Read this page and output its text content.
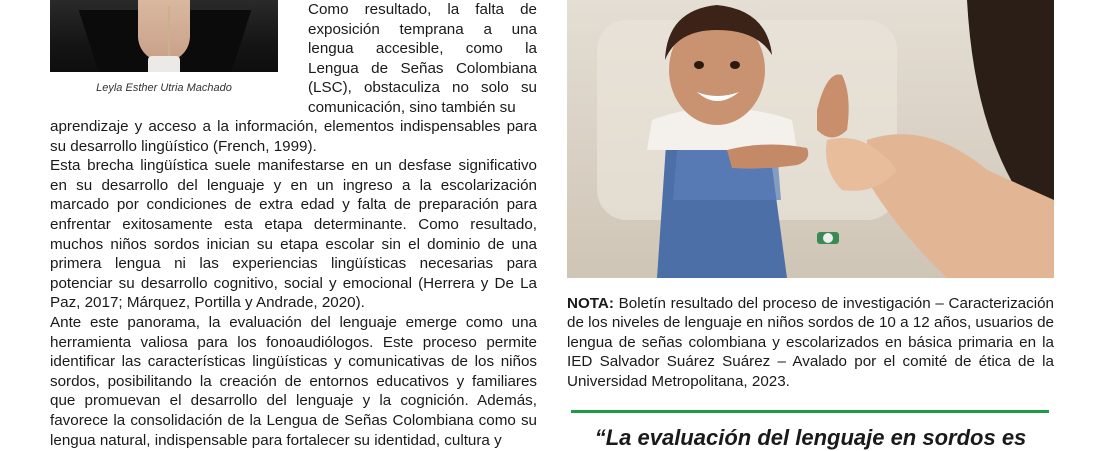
Leyla Esther Utria Machado

Como resultado, la falta de exposición temprana a una lengua accesible, como la Lengua de Señas Colombiana (LSC), obstaculiza no solo su comunicación, sino también su

aprendizaje y acceso a la información, elementos indispensables para su desarrollo lingüístico (French, 1999).

Esta brecha lingüística suele manifestarse en un desfase significativo en su desarrollo del lenguaje y en un ingreso a la escolarización marcado por condiciones de extra edad y falta de preparación para enfrentar exitosamente esta etapa determinante. Como resultado, muchos niños sordos inician su etapa escolar sin el dominio de una primera lengua ni las experiencias lingüísticas necesarias para potenciar su desarrollo cognitivo, social y emocional (Herrera y De La Paz, 2017; Márquez, Portilla y Andrade, 2020).

Ante este panorama, la evaluación del lenguaje emerge como una herramienta valiosa para los fonoaudiólogos. Este proceso permite identificar las características lingüísticas y comunicativas de los niños sordos, posibilitando la creación de entornos educativos y familiares que promuevan el desarrollo del lenguaje y la cognición. Además, favorece la consolidación de la Lengua de Señas Colombiana como su lengua natural, indispensable para fortalecer su identidad, cultura y

NOTA: Boletín resultado del proceso de investigación – Caracterización de los niveles de lenguaje en niños sordos de 10 a 12 años, usuarios de lengua de señas colombiana y escolarizados en básica primaria en la IED Salvador Suárez Suárez – Avalado por el comité de ética de la Universidad Metropolitana, 2023.
“La evaluación del lenguaje en sordos es
